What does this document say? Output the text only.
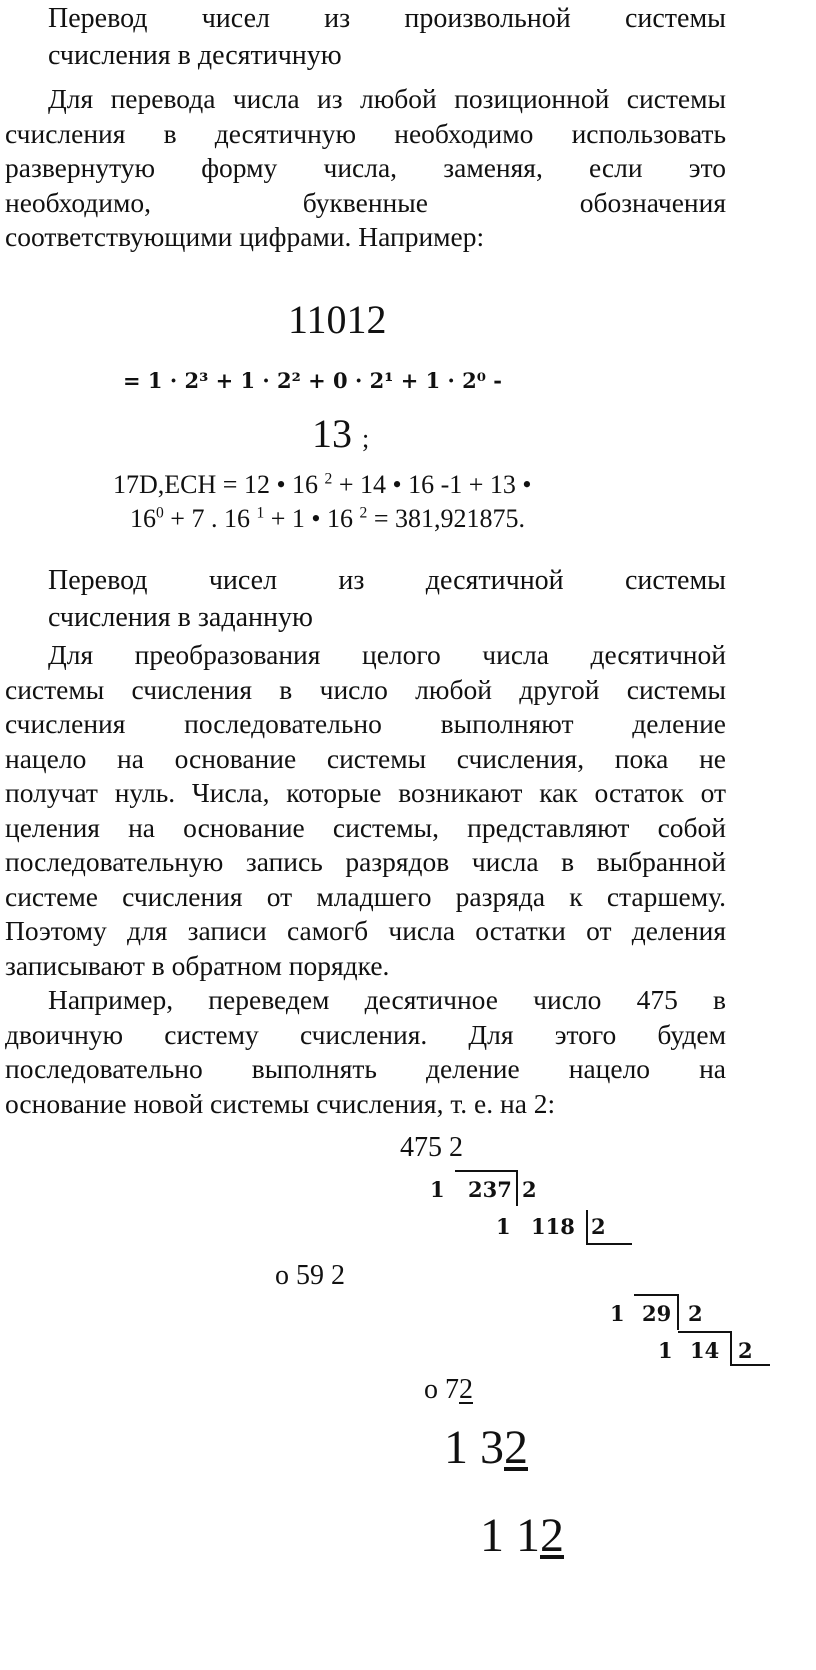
Перевод чисел из произвольной системы
счисления в десятичную
Для перевода числа из любой позиционной системы
счисления в десятичную необходимо использовать
развернутую форму числа, заменяя, если это
необходимо, буквенные обозначения
соответствующими цифрами. Например:
11012
= 1 · 2³ + 1 · 2² + 0 · 2¹ + 1 · 2⁰ -
13 ;
17D,ECH = 12 • 16 $^2$ + 14 • 16 -1 + 13 •
$16^0 + 7$ . 16 $^1$ + 1 • 16 $^2$ = 381,921875.
Перевод чисел из десятичной системы
счисления в заданную
Для преобразования целого числа десятичной
системы счисления в число любой другой системы
счисления последовательно выполняют деление
нацело на основание системы счисления, пока не
получат нуль. Числа, которые возникают как остаток от
целения на основание системы, представляют собой
последовательную запись разрядов числа в выбранной
системе счисления от младшего разряда к старшему.
Поэтому для записи самогб числа остатки от деления
записывают в обратном порядке.
Например, переведем десятичное число 475 в
двоичную систему счисления. Для этого будем
последовательно выполнять деление нацело на
основание новой системы счисления, т. е. на 2:
475 2
1 237 2
1 118 2
о 59 2
1 29 2
1 14 2
о 72
1 32
1 12
